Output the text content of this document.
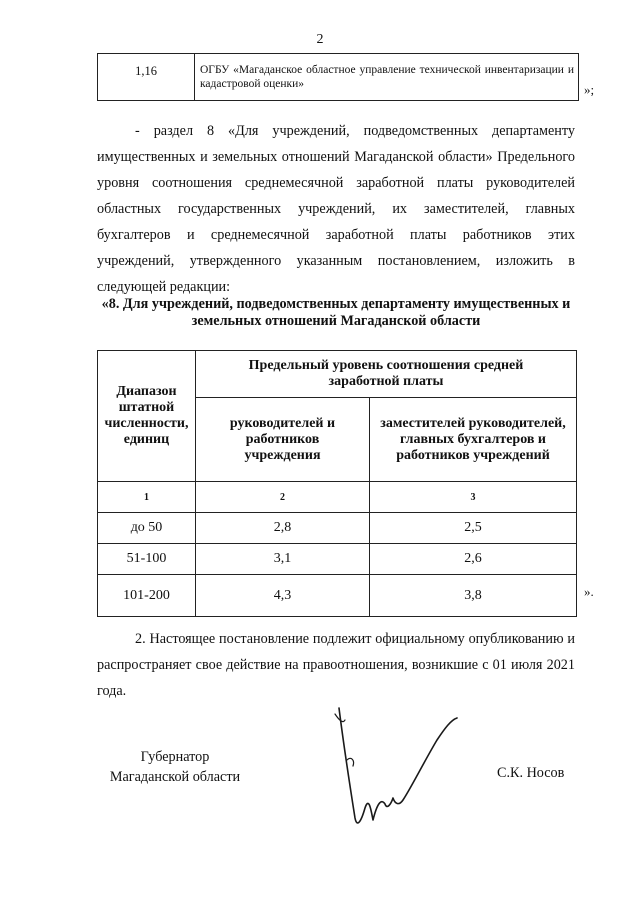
2
1,16	ОГБУ «Магаданское областное управление технической инвентаризации и кадастровой оценки»	»;
- раздел 8 «Для учреждений, подведомственных департаменту имущественных и земельных отношений Магаданской области» Предельного уровня соотношения среднемесячной заработной платы руководителей областных государственных учреждений, их заместителей, главных бухгалтеров и среднемесячной заработной платы работников этих учреждений, утвержденного указанным постановлением, изложить в следующей редакции:
«8. Для учреждений, подведомственных департаменту имущественных и земельных отношений Магаданской области
Диапазон штатной численности, единиц	Предельный уровень соотношения средней заработной платы	

	руководителей и работников учреждения	заместителей руководителей, главных бухгалтеров и работников учреждений

1	2	3
до 50	2,8	2,5
51-100	3,1	2,6
101-200	4,3	3,8	».
2. Настоящее постановление подлежит официальному опубликованию и распространяет свое действие на правоотношения, возникшие с 01 июля 2021 года.
Губернатор
Магаданской области	С.К. Носов
